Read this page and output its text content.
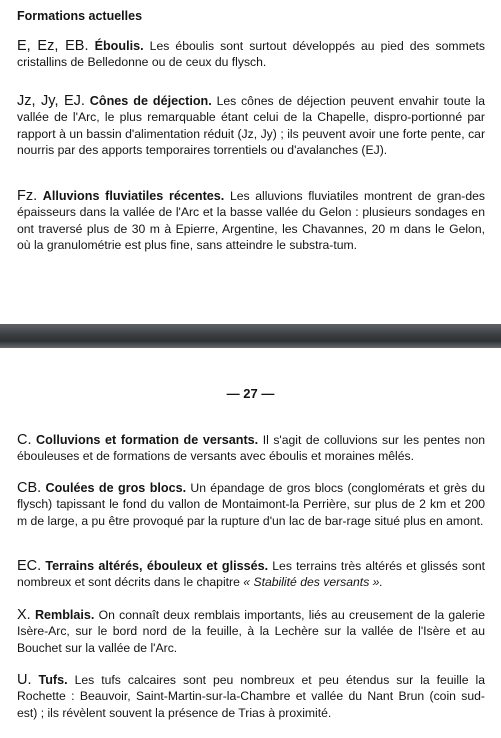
Formations actuelles

E, Ez, EB. Éboulis. Les éboulis sont surtout développés au pied des sommets cristallins de Belledonne ou de ceux du flysch.

Jz, Jy, EJ. Cônes de déjection. Les cônes de déjection peuvent envahir toute la vallée de l'Arc, le plus remarquable étant celui de la Chapelle, dispro-portionné par rapport à un bassin d'alimentation réduit (Jz, Jy) ; ils peuvent avoir une forte pente, car nourris par des apports temporaires torrentiels ou d'avalanches (EJ).

Fz. Alluvions fluviatiles récentes. Les alluvions fluviatiles montrent de gran-des épaisseurs dans la vallée de l'Arc et la basse vallée du Gelon : plusieurs sondages en ont traversé plus de 30 m à Epierre, Argentine, les Chavannes, 20 m dans le Gelon, où la granulométrie est plus fine, sans atteindre le substra-tum.

— 27 —

C. Colluvions et formation de versants. Il s'agit de colluvions sur les pentes non ébouleuses et de formations de versants avec éboulis et moraines mêlés.

CB. Coulées de gros blocs. Un épandage de gros blocs (conglomérats et grès du flysch) tapissant le fond du vallon de Montaimont-la Perrière, sur plus de 2 km et 200 m de large, a pu être provoqué par la rupture d'un lac de bar-rage situé plus en amont.

EC. Terrains altérés, ébouleux et glissés. Les terrains très altérés et glissés sont nombreux et sont décrits dans le chapitre « Stabilité des versants ».

X. Remblais. On connaît deux remblais importants, liés au creusement de la galerie Isère-Arc, sur le bord nord de la feuille, à la Lechère sur la vallée de l'Isère et au Bouchet sur la vallée de l'Arc.

U. Tufs. Les tufs calcaires sont peu nombreux et peu étendus sur la feuille la Rochette : Beauvoir, Saint-Martin-sur-la-Chambre et vallée du Nant Brun (coin sud-est) ; ils révèlent souvent la présence de Trias à proximité.
